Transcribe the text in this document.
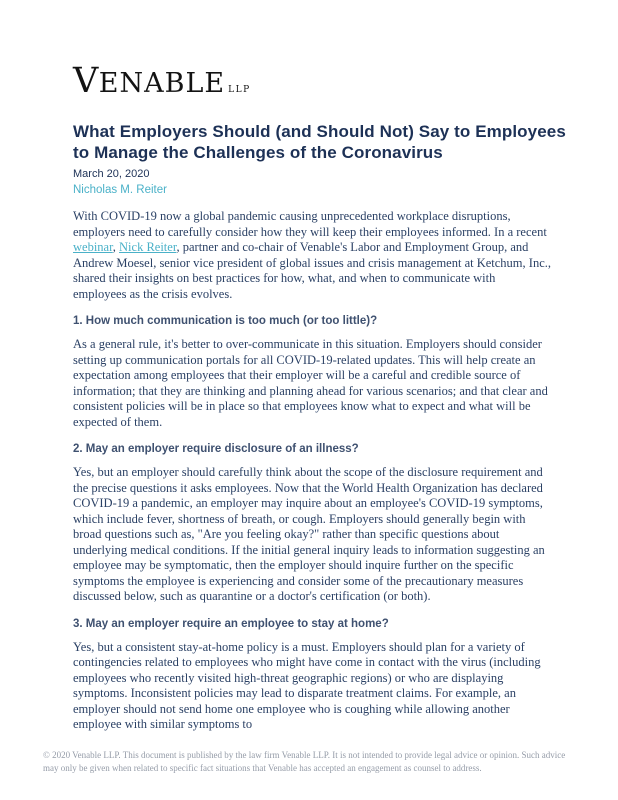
V ENABLE LLP
What Employers Should (and Should Not) Say to Employees to Manage the Challenges of the Coronavirus
March 20, 2020
Nicholas M. Reiter

With COVID-19 now a global pandemic causing unprecedented workplace disruptions, employers need to carefully consider how they will keep their employees informed. In a recent webinar, Nick Reiter, partner and co-chair of Venable's Labor and Employment Group, and Andrew Moesel, senior vice president of global issues and crisis management at Ketchum, Inc., shared their insights on best practices for how, what, and when to communicate with employees as the crisis evolves.

1. How much communication is too much (or too little)?

As a general rule, it's better to over-communicate in this situation. Employers should consider setting up communication portals for all COVID-19-related updates. This will help create an expectation among employees that their employer will be a careful and credible source of information; that they are thinking and planning ahead for various scenarios; and that clear and consistent policies will be in place so that employees know what to expect and what will be expected of them.

2. May an employer require disclosure of an illness?

Yes, but an employer should carefully think about the scope of the disclosure requirement and the precise questions it asks employees. Now that the World Health Organization has declared COVID-19 a pandemic, an employer may inquire about an employee's COVID-19 symptoms, which include fever, shortness of breath, or cough. Employers should generally begin with broad questions such as, "Are you feeling okay?" rather than specific questions about underlying medical conditions. If the initial general inquiry leads to information suggesting an employee may be symptomatic, then the employer should inquire further on the specific symptoms the employee is experiencing and consider some of the precautionary measures discussed below, such as quarantine or a doctor's certification (or both).

3. May an employer require an employee to stay at home?

Yes, but a consistent stay-at-home policy is a must. Employers should plan for a variety of contingencies related to employees who might have come in contact with the virus (including employees who recently visited high-threat geographic regions) or who are displaying symptoms. Inconsistent policies may lead to disparate treatment claims. For example, an employer should not send home one employee who is coughing while allowing another employee with similar symptoms to

© 2020 Venable LLP. This document is published by the law firm Venable LLP. It is not intended to provide legal advice or opinion. Such advice may only be given when related to specific fact situations that Venable has accepted an engagement as counsel to address.
